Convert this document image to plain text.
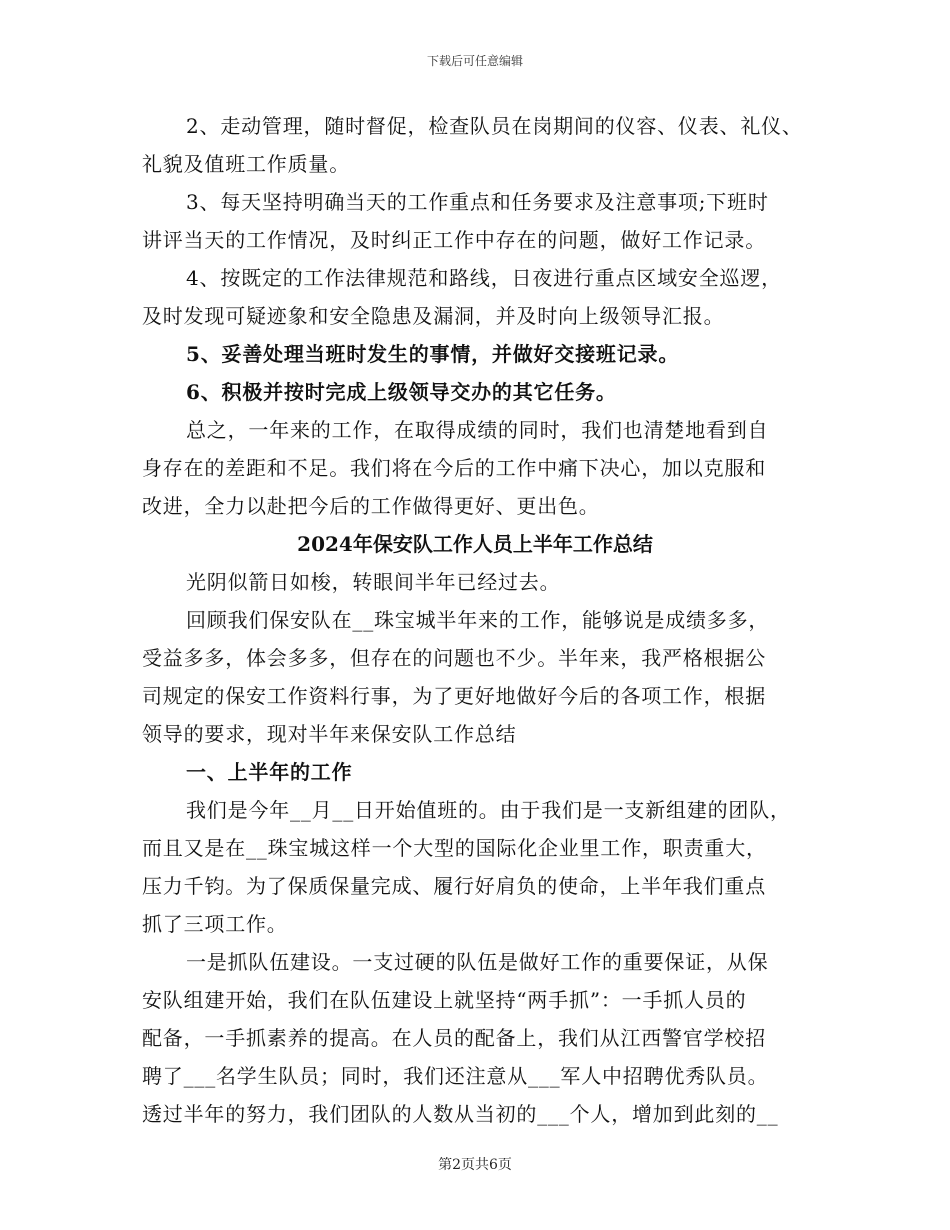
下载后可任意编辑
2、走动管理，随时督促，检查队员在岗期间的仪容、仪表、礼仪、
礼貌及值班工作质量。
3、每天坚持明确当天的工作重点和任务要求及注意事项;下班时
讲评当天的工作情况，及时纠正工作中存在的问题，做好工作记录。
4、按既定的工作法律规范和路线，日夜进行重点区域安全巡逻，
及时发现可疑迹象和安全隐患及漏洞，并及时向上级领导汇报。
5、妥善处理当班时发生的事情，并做好交接班记录。
6、积极并按时完成上级领导交办的其它任务。
总之，一年来的工作，在取得成绩的同时，我们也清楚地看到自
身存在的差距和不足。我们将在今后的工作中痛下决心，加以克服和
改进，全力以赴把今后的工作做得更好、更出色。
2024年保安队工作人员上半年工作总结
光阴似箭日如梭，转眼间半年已经过去。
回顾我们保安队在__珠宝城半年来的工作，能够说是成绩多多，
受益多多，体会多多，但存在的问题也不少。半年来，我严格根据公
司规定的保安工作资料行事，为了更好地做好今后的各项工作，根据
领导的要求，现对半年来保安队工作总结
一、上半年的工作
我们是今年__月__日开始值班的。由于我们是一支新组建的团队，
而且又是在__珠宝城这样一个大型的国际化企业里工作，职责重大，
压力千钧。为了保质保量完成、履行好肩负的使命，上半年我们重点
抓了三项工作。
一是抓队伍建设。一支过硬的队伍是做好工作的重要保证，从保
安队组建开始，我们在队伍建设上就坚持“两手抓”：一手抓人员的
配备，一手抓素养的提高。在人员的配备上，我们从江西警官学校招
聘了___名学生队员；同时，我们还注意从___军人中招聘优秀队员。
透过半年的努力，我们团队的人数从当初的___个人，增加到此刻的__
第2页共6页
